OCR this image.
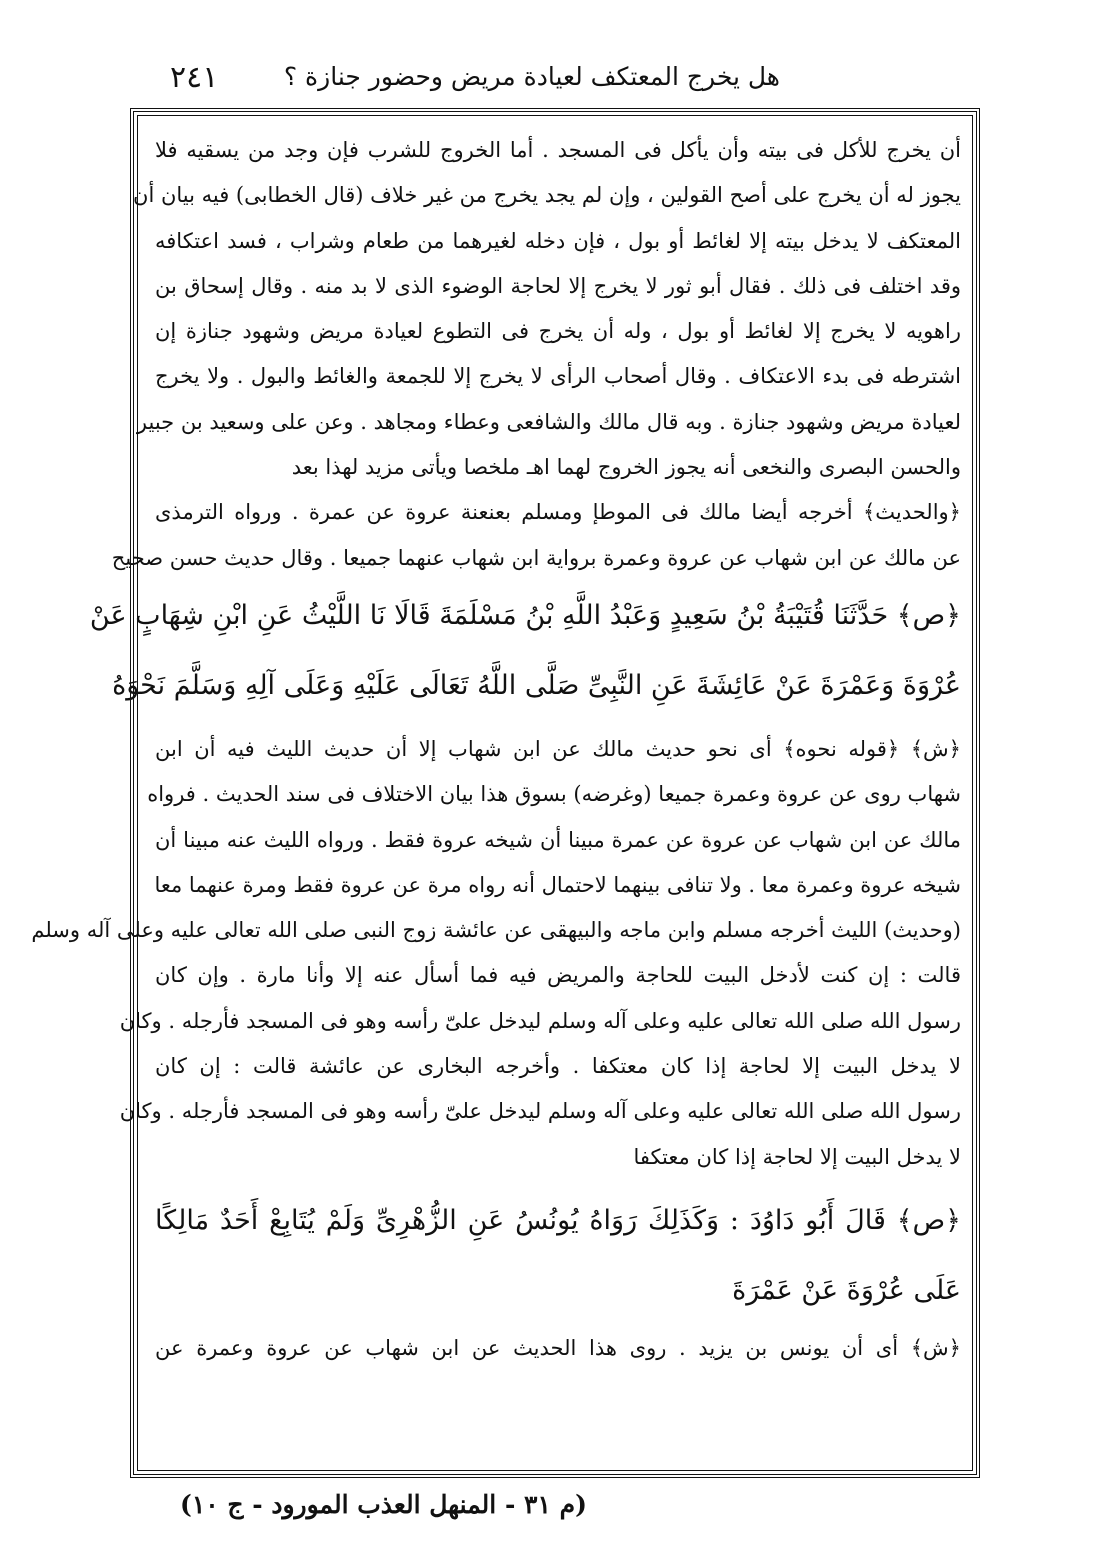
٢٤١	هل يخرج المعتكف لعيادة مريض وحضور جنازة ؟
أن يخرج للأكل فى بيته وأن يأكل فى المسجد . أما الخروج للشرب فإن وجد من يسقيه فلا
يجوز له أن يخرج على أصح القولين ، وإن لم يجد يخرج من غير خلاف (قال الخطابى) فيه بيان أن
المعتكف لا يدخل بيته إلا لغائط أو بول ، فإن دخله لغيرهما من طعام وشراب ، فسد اعتكافه
وقد اختلف فى ذلك . فقال أبو ثور لا يخرج إلا لحاجة الوضوء الذى لا بد منه . وقال إسحاق بن
راهويه لا يخرج إلا لغائط أو بول ، وله أن يخرج فى التطوع لعيادة مريض وشهود جنازة إن
اشترطه فى بدء الاعتكاف . وقال أصحاب الرأى لا يخرج إلا للجمعة والغائط والبول . ولا يخرج
لعيادة مريض وشهود جنازة . وبه قال مالك والشافعى وعطاء ومجاهد . وعن على وسعيد بن جبير
والحسن البصرى والنخعى أنه يجوز الخروج لهما اهـ ملخصا ويأتى مزيد لهذا بعد
﴿والحديث﴾ أخرجه أيضا مالك فى الموطإ ومسلم بعنعنة عروة عن عمرة . ورواه الترمذى
عن مالك عن ابن شهاب عن عروة وعمرة برواية ابن شهاب عنهما جميعا . وقال حديث حسن صحيح
﴿ص﴾ حَدَّثَنَا قُتَيْبَةُ بْنُ سَعِيدٍ وَعَبْدُ اللَّهِ بْنُ مَسْلَمَةَ قَالَا نَا اللَّيْثُ عَنِ ابْنِ شِهَابٍ عَنْ
عُرْوَةَ وَعَمْرَةَ عَنْ عَائِشَةَ عَنِ النَّبِىِّ صَلَّى اللَّهُ تَعَالَى عَلَيْهِ وَعَلَى آلِهِ وَسَلَّمَ نَحْوَهُ
﴿ش﴾ ﴿قوله نحوه﴾ أى نحو حديث مالك عن ابن شهاب إلا أن حديث الليث فيه أن ابن
شهاب روى عن عروة وعمرة جميعا (وغرضه) بسوق هذا بيان الاختلاف فى سند الحديث . فرواه
مالك عن ابن شهاب عن عروة عن عمرة مبينا أن شيخه عروة فقط . ورواه الليث عنه مبينا أن
شيخه عروة وعمرة معا . ولا تنافى بينهما لاحتمال أنه رواه مرة عن عروة فقط ومرة عنهما معا
(وحديث) الليث أخرجه مسلم وابن ماجه والبيهقى عن عائشة زوج النبى صلى الله تعالى عليه وعلى آله وسلم
قالت : إن كنت لأدخل البيت للحاجة والمريض فيه فما أسأل عنه إلا وأنا مارة . وإن كان
رسول الله صلى الله تعالى عليه وعلى آله وسلم ليدخل علىّ رأسه وهو فى المسجد فأرجله . وكان
لا يدخل البيت إلا لحاجة إذا كان معتكفا . وأخرجه البخارى عن عائشة قالت : إن كان
رسول الله صلى الله تعالى عليه وعلى آله وسلم ليدخل علىّ رأسه وهو فى المسجد فأرجله . وكان
لا يدخل البيت إلا لحاجة إذا كان معتكفا
﴿ص﴾ قَالَ أَبُو دَاوُدَ : وَكَذَلِكَ رَوَاهُ يُونُسُ عَنِ الزُّهْرِىِّ وَلَمْ يُتَابِعْ أَحَدٌ مَالِكًا
عَلَى عُرْوَةَ عَنْ عَمْرَةَ
﴿ش﴾ أى أن يونس بن يزيد . روى هذا الحديث عن ابن شهاب عن عروة وعمرة عن
(م ٣١ - المنهل العذب المورود - ج ١٠)
